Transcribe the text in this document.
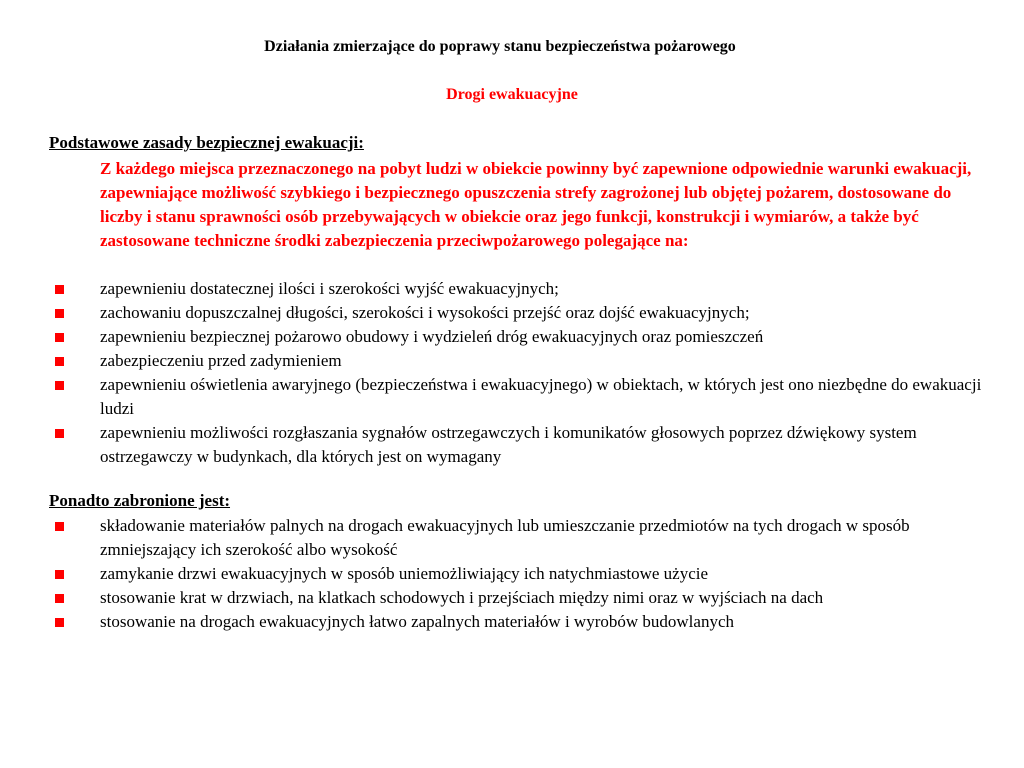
Działania zmierzające do poprawy stanu bezpieczeństwa pożarowego
Drogi ewakuacyjne
Podstawowe zasady bezpiecznej ewakuacji:
Z każdego miejsca przeznaczonego na pobyt ludzi w obiekcie powinny być zapewnione odpowiednie warunki ewakuacji, zapewniające możliwość szybkiego i bezpiecznego opuszczenia strefy zagrożonej lub objętej pożarem, dostosowane do liczby i stanu sprawności osób przebywających w obiekcie oraz jego funkcji, konstrukcji i wymiarów, a także być zastosowane techniczne środki zabezpieczenia przeciwpożarowego polegające na:
zapewnieniu dostatecznej ilości i szerokości wyjść ewakuacyjnych;
zachowaniu dopuszczalnej długości, szerokości i wysokości przejść oraz dojść ewakuacyjnych;
zapewnieniu bezpiecznej pożarowo obudowy i wydzieleń dróg ewakuacyjnych oraz pomieszczeń
zabezpieczeniu przed zadymieniem
zapewnieniu oświetlenia awaryjnego (bezpieczeństwa i ewakuacyjnego) w obiektach, w których jest ono niezbędne do ewakuacji ludzi
zapewnieniu możliwości rozgłaszania sygnałów ostrzegawczych i komunikatów głosowych poprzez dźwiękowy system ostrzegawczy w budynkach, dla których jest on wymagany
Ponadto zabronione jest:
składowanie materiałów palnych na drogach ewakuacyjnych lub umieszczanie przedmiotów na tych drogach w sposób zmniejszający ich szerokość albo wysokość
zamykanie drzwi ewakuacyjnych w sposób uniemożliwiający ich natychmiastowe użycie
stosowanie krat w drzwiach, na klatkach schodowych i przejściach między nimi oraz w wyjściach na dach
stosowanie na drogach ewakuacyjnych łatwo zapalnych materiałów i wyrobów budowlanych
